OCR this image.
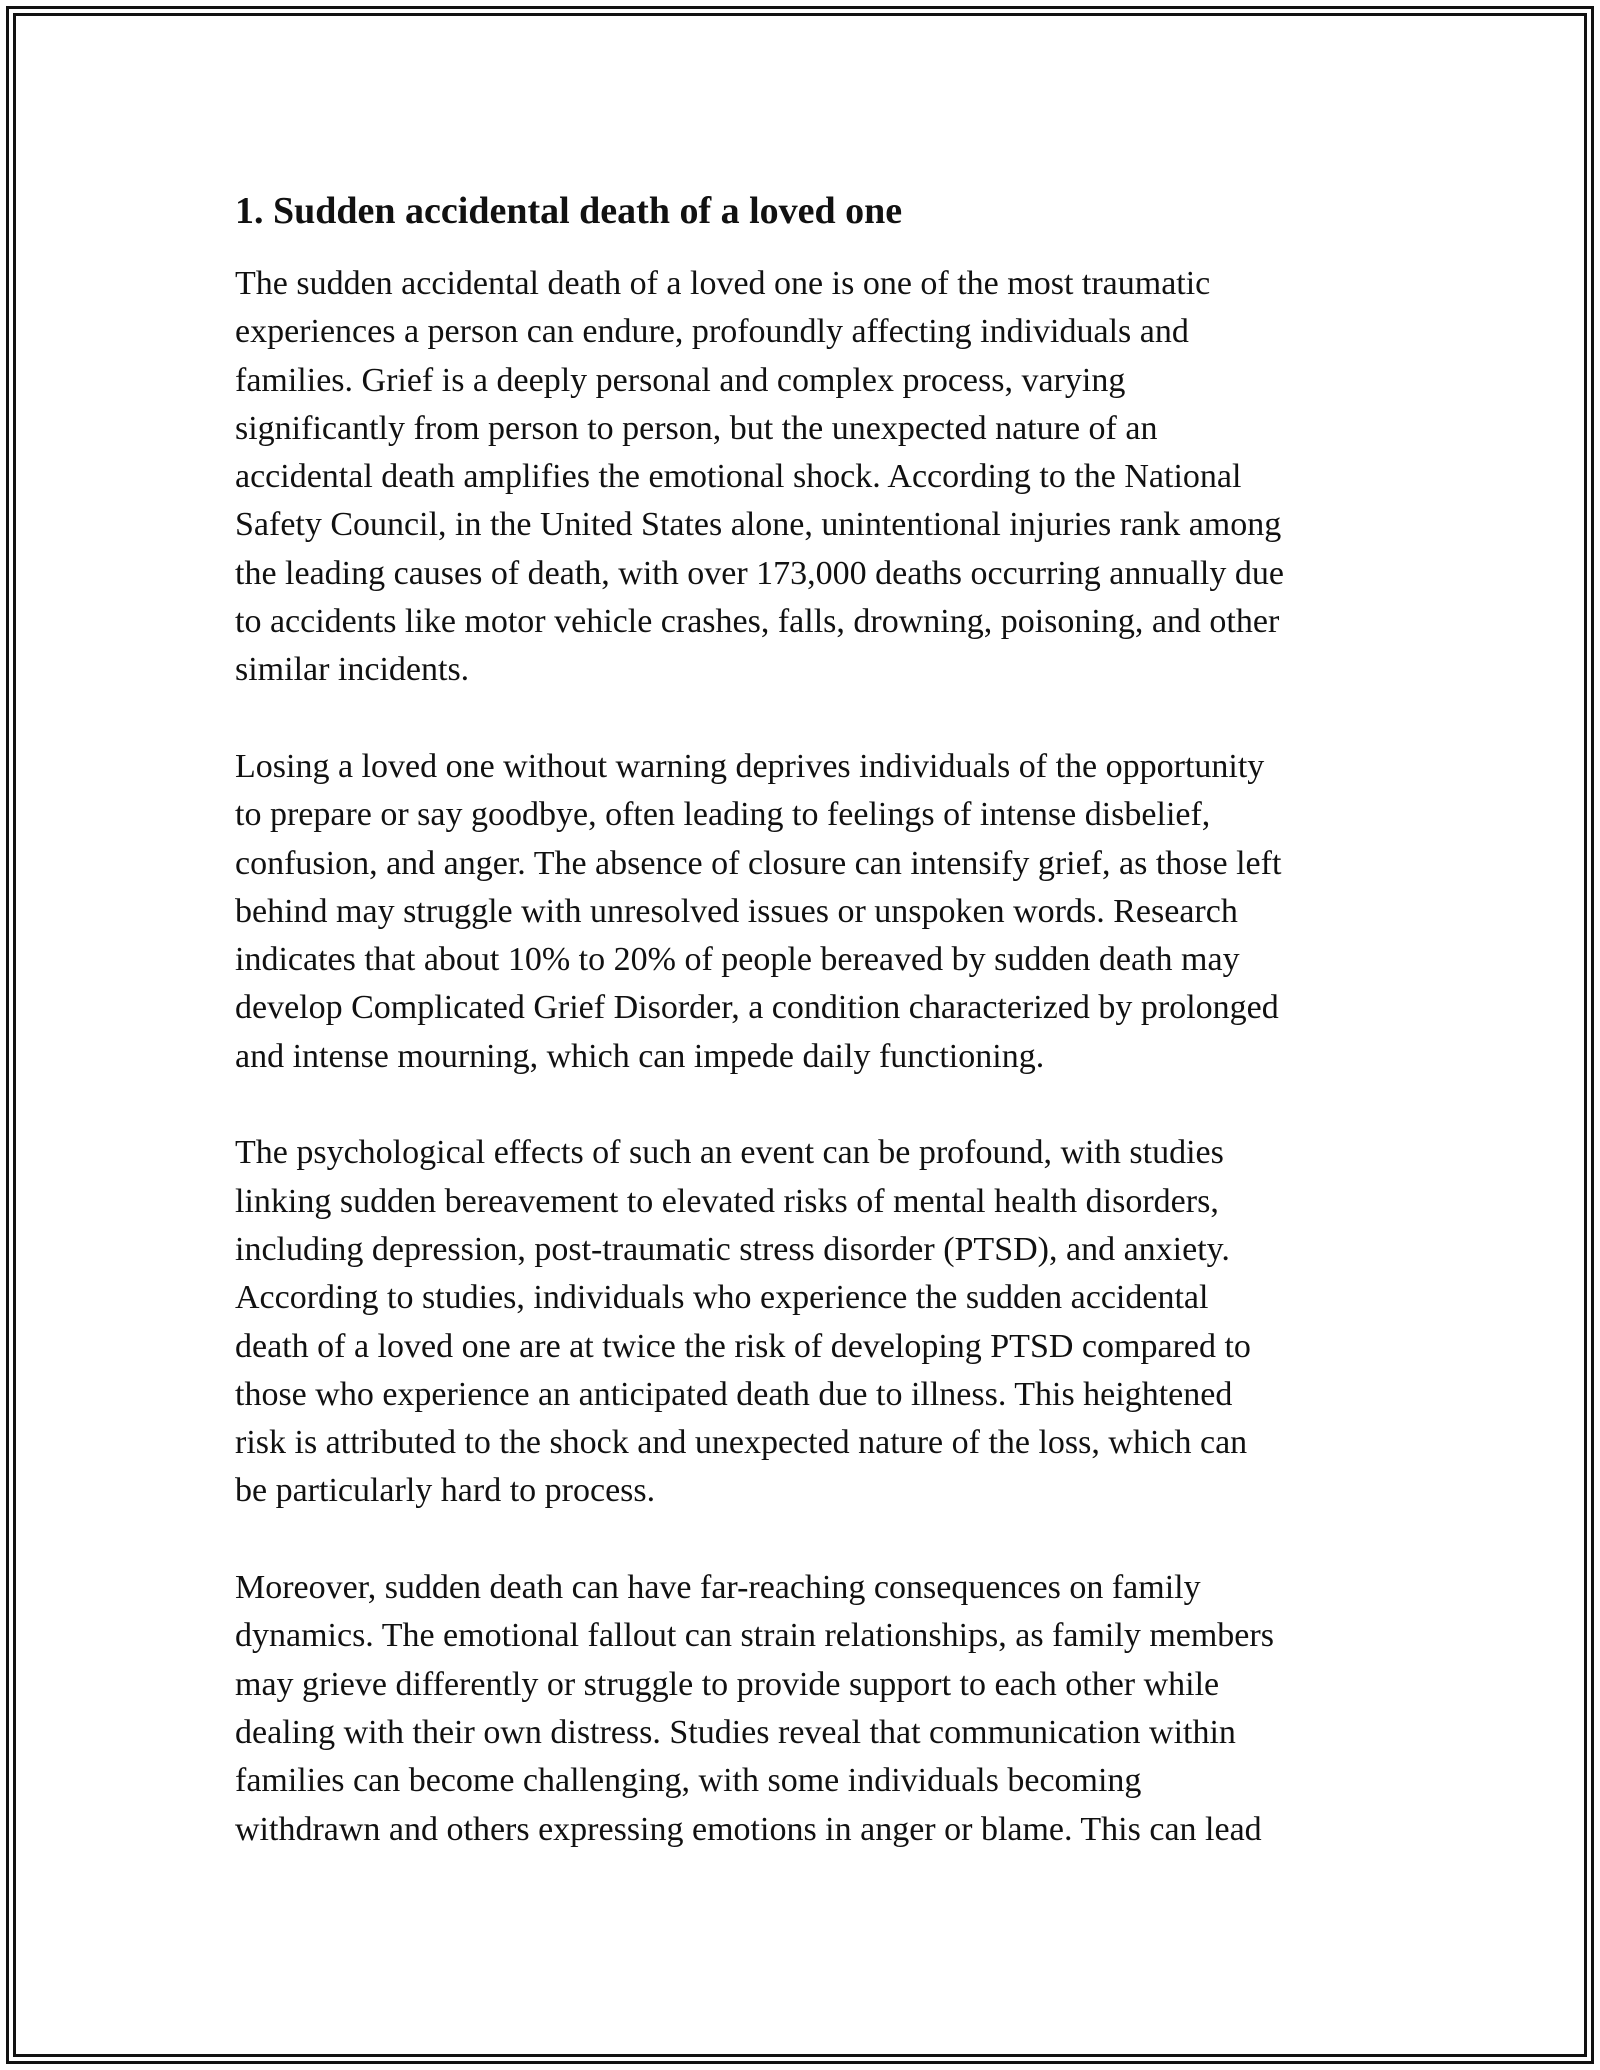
1. Sudden accidental death of a loved one
The sudden accidental death of a loved one is one of the most traumatic
experiences a person can endure, profoundly affecting individuals and
families. Grief is a deeply personal and complex process, varying
significantly from person to person, but the unexpected nature of an
accidental death amplifies the emotional shock. According to the National
Safety Council, in the United States alone, unintentional injuries rank among
the leading causes of death, with over 173,000 deaths occurring annually due
to accidents like motor vehicle crashes, falls, drowning, poisoning, and other
similar incidents.
Losing a loved one without warning deprives individuals of the opportunity
to prepare or say goodbye, often leading to feelings of intense disbelief,
confusion, and anger. The absence of closure can intensify grief, as those left
behind may struggle with unresolved issues or unspoken words. Research
indicates that about 10% to 20% of people bereaved by sudden death may
develop Complicated Grief Disorder, a condition characterized by prolonged
and intense mourning, which can impede daily functioning.
The psychological effects of such an event can be profound, with studies
linking sudden bereavement to elevated risks of mental health disorders,
including depression, post-traumatic stress disorder (PTSD), and anxiety.
According to studies, individuals who experience the sudden accidental
death of a loved one are at twice the risk of developing PTSD compared to
those who experience an anticipated death due to illness. This heightened
risk is attributed to the shock and unexpected nature of the loss, which can
be particularly hard to process.
Moreover, sudden death can have far-reaching consequences on family
dynamics. The emotional fallout can strain relationships, as family members
may grieve differently or struggle to provide support to each other while
dealing with their own distress. Studies reveal that communication within
families can become challenging, with some individuals becoming
withdrawn and others expressing emotions in anger or blame. This can lead
